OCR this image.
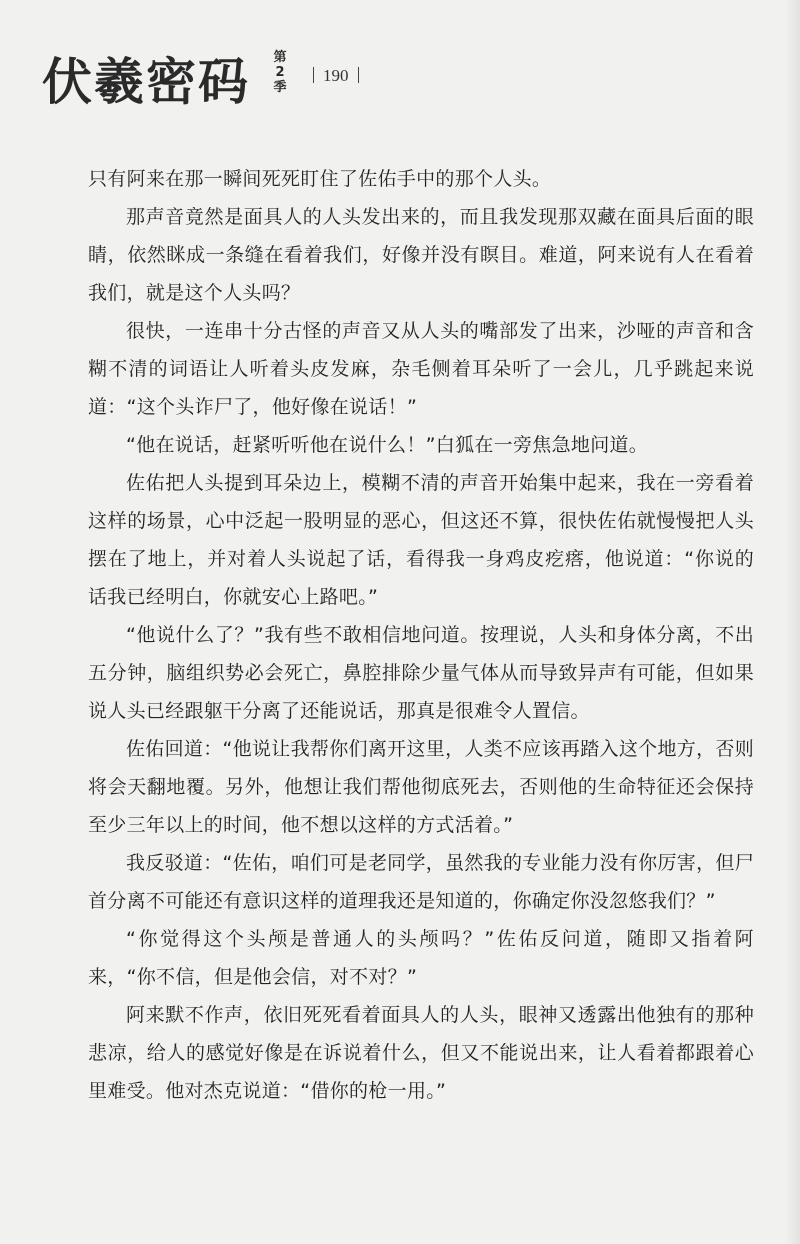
伏羲密码 第2季
190

只有阿来在那一瞬间死死盯住了佐佑手中的那个人头。

那声音竟然是面具人的人头发出来的，而且我发现那双藏在面具后面的眼睛，依然眯成一条缝在看着我们，好像并没有瞑目。难道，阿来说有人在看着我们，就是这个人头吗？

很快，一连串十分古怪的声音又从人头的嘴部发了出来，沙哑的声音和含糊不清的词语让人听着头皮发麻，杂毛侧着耳朵听了一会儿，几乎跳起来说道：“这个头诈尸了，他好像在说话！”

“他在说话，赶紧听听他在说什么！”白狐在一旁焦急地问道。

佐佑把人头提到耳朵边上，模糊不清的声音开始集中起来，我在一旁看着这样的场景，心中泛起一股明显的恶心，但这还不算，很快佐佑就慢慢把人头摆在了地上，并对着人头说起了话，看得我一身鸡皮疙瘩，他说道：“你说的话我已经明白，你就安心上路吧。”

“他说什么了？”我有些不敢相信地问道。按理说，人头和身体分离，不出五分钟，脑组织势必会死亡，鼻腔排除少量气体从而导致异声有可能，但如果说人头已经跟躯干分离了还能说话，那真是很难令人置信。

佐佑回道：“他说让我帮你们离开这里，人类不应该再踏入这个地方，否则将会天翻地覆。另外，他想让我们帮他彻底死去，否则他的生命特征还会保持至少三年以上的时间，他不想以这样的方式活着。”

我反驳道：“佐佑，咱们可是老同学，虽然我的专业能力没有你厉害，但尸首分离不可能还有意识这样的道理我还是知道的，你确定你没忽悠我们？”

“你觉得这个头颅是普通人的头颅吗？”佐佑反问道，随即又指着阿来，“你不信，但是他会信，对不对？”

阿来默不作声，依旧死死看着面具人的人头，眼神又透露出他独有的那种悲凉，给人的感觉好像是在诉说着什么，但又不能说出来，让人看着都跟着心里难受。他对杰克说道：“借你的枪一用。”
